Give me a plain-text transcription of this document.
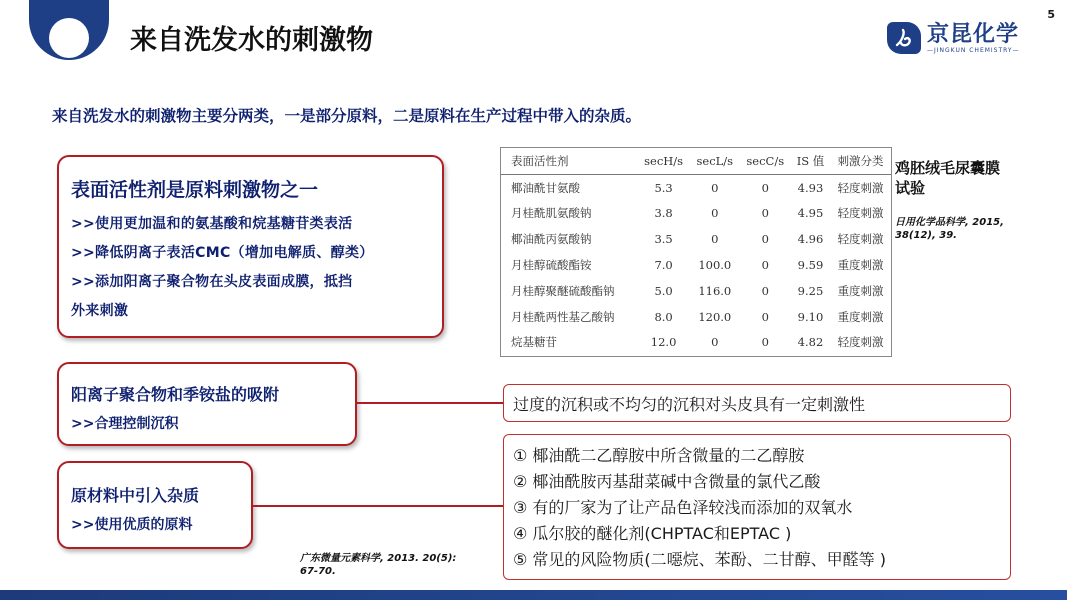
来自洗发水的刺激物
5
京昆化学
—JINGKUN CHEMISTRY—
来自洗发水的刺激物主要分两类，一是部分原料，二是原料在生产过程中带入的杂质。
表面活性剂是原料刺激物之一
>>使用更加温和的氨基酸和烷基糖苷类表活
>>降低阴离子表活CMC（增加电解质、醇类）
>>添加阳离子聚合物在头皮表面成膜，抵挡
外来刺激
阳离子聚合物和季铵盐的吸附
>>合理控制沉积
原材料中引入杂质
>>使用优质的原料
表面活性剂	secH/s	secL/s	secC/s	IS 值	刺激分类
椰油酰甘氨酸	5.3	0	0	4.93	轻度刺激
月桂酰肌氨酸钠	3.8	0	0	4.95	轻度刺激
椰油酰丙氨酸钠	3.5	0	0	4.96	轻度刺激
月桂醇硫酸酯铵	7.0	100.0	0	9.59	重度刺激
月桂醇聚醚硫酸酯钠	5.0	116.0	0	9.25	重度刺激
月桂酰两性基乙酸钠	8.0	120.0	0	9.10	重度刺激
烷基糖苷	12.0	0	0	4.82	轻度刺激
鸡胚绒毛尿囊膜试验
日用化学品科学, 2015, 38(12), 39.
过度的沉积或不均匀的沉积对头皮具有一定刺激性
① 椰油酰二乙醇胺中所含微量的二乙醇胺
② 椰油酰胺丙基甜菜碱中含微量的氯代乙酸
③ 有的厂家为了让产品色泽较浅而添加的双氧水
④ 瓜尔胶的醚化剂(CHPTAC和EPTAC )
⑤ 常见的风险物质(二噁烷、苯酚、二甘醇、甲醛等 )
广东微量元素科学, 2013. 20(5): 67-70.
